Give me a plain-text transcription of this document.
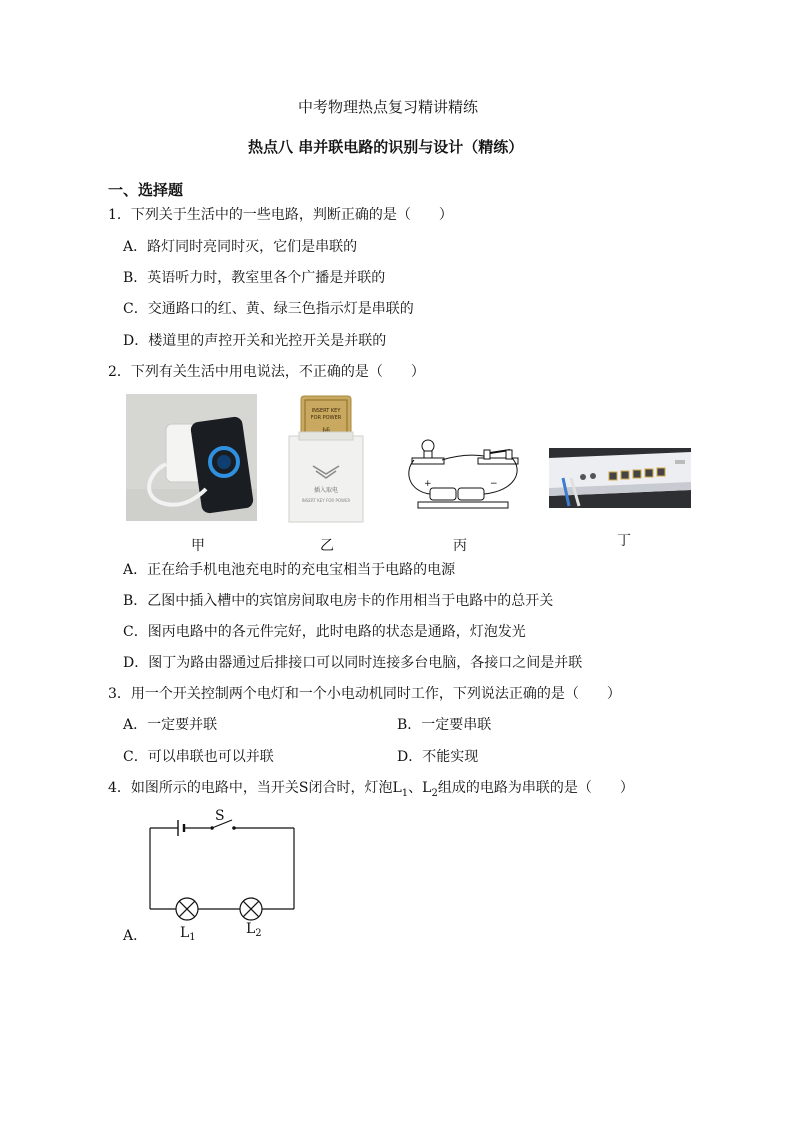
中考物理热点复习精讲精练
热点八 串并联电路的识别与设计（精练）
一、选择题
1．下列关于生活中的一些电路，判断正确的是（　　）
A．路灯同时亮同时灭，它们是串联的
B．英语听力时，教室里各个广播是并联的
C．交通路口的红、黄、绿三色指示灯是串联的
D．楼道里的声控开关和光控开关是并联的
2．下列有关生活中用电说法，不正确的是（　　）
甲
INSERT KEY
FOR POWER
插入取电
INSERT KEY FOR POWER
乙
+	−
丙	丁
A．正在给手机电池充电时的充电宝相当于电路的电源
B．乙图中插入槽中的宾馆房间取电房卡的作用相当于电路中的总开关
C．图丙电路中的各元件完好，此时电路的状态是通路，灯泡发光
D．图丁为路由器通过后排接口可以同时连接多台电脑，各接口之间是并联
3．用一个开关控制两个电灯和一个小电动机同时工作，下列说法正确的是（　　）
A．一定要并联	B．一定要串联
C．可以串联也可以并联	D．不能实现
4．如图所示的电路中，当开关S闭合时，灯泡$L_1$、$L_2$组成的电路为串联的是（　　）
S
$L_1$
$L_2$
A．
